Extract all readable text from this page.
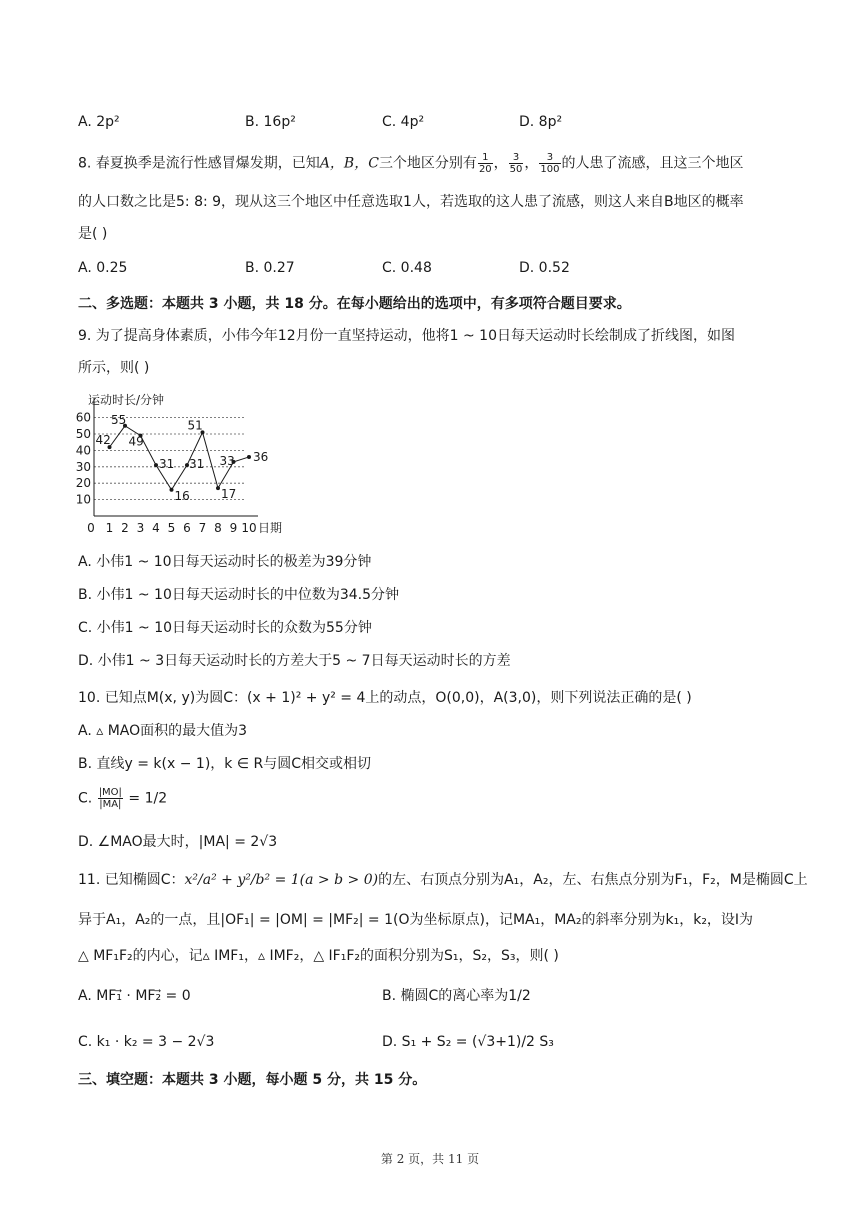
A. 2p²	B. 16p²	C. 4p²	D. 8p²
8. 春夏换季是流行性感冒爆发期，已知A，B，C三个地区分别有 $\frac{1}{20}$ ， $\frac{3}{50}$ ， $\frac{3}{100}$ 的人患了流感，且这三个地区
的人口数之比是5: 8: 9，现从这三个地区中任意选取1人，若选取的这人患了流感，则这人来自B地区的概率
是( )
A. 0.25	B. 0.27	C. 0.48	D. 0.52
二、多选题：本题共 3 小题，共 18 分。在每小题给出的选项中，有多项符合题目要求。
9. 为了提高身体素质，小伟今年12月份一直坚持运动，他将1 ~ 10日每天运动时长绘制成了折线图，如图
所示，则( )
10
20
30
40
50
60
0 1 2 3 4 5 6 7 8 9 10
42
55
49
31
16
31
51
17
33 36
运动时长/分钟
日期
A. 小伟1 ~ 10日每天运动时长的极差为39分钟
B. 小伟1 ~ 10日每天运动时长的中位数为34.5分钟
C. 小伟1 ~ 10日每天运动时长的众数为55分钟
D. 小伟1 ~ 3日每天运动时长的方差大于5 ~ 7日每天运动时长的方差
10. 已知点M(x, y)为圆C：(x + 1)² + y² = 4上的动点，O(0,0)，A(3,0)，则下列说法正确的是( )
A. ▵ MAO面积的最大值为3
B. 直线y = k(x − 1)，k ∈ R与圆C相交或相切
C. $\frac{|MO|}{|MA|} = 1/2$
D. ∠MAO最大时，|MA| = 2√3
11. 已知椭圆C：x²/a² + y²/b² = 1(a > b > 0)的左、右顶点分别为A₁，A₂，左、右焦点分别为F₁，F₂，M是椭圆C上
异于A₁，A₂的一点，且|OF₁| = |OM| = |MF₂| = 1(O为坐标原点)，记MA₁，MA₂的斜率分别为k₁，k₂，设I为
△ MF₁F₂的内心，记▵ IMF₁，▵ IMF₂，△ IF₁F₂的面积分别为S₁，S₂，S₃，则( )
A. MF₁⃗ · MF₂⃗ = 0	B. 椭圆C的离心率为1/2
C. k₁ · k₂ = 3 − 2√3	D. S₁ + S₂ = (√3+1)/2 S₃
三、填空题：本题共 3 小题，每小题 5 分，共 15 分。
第 2 页，共 11 页
